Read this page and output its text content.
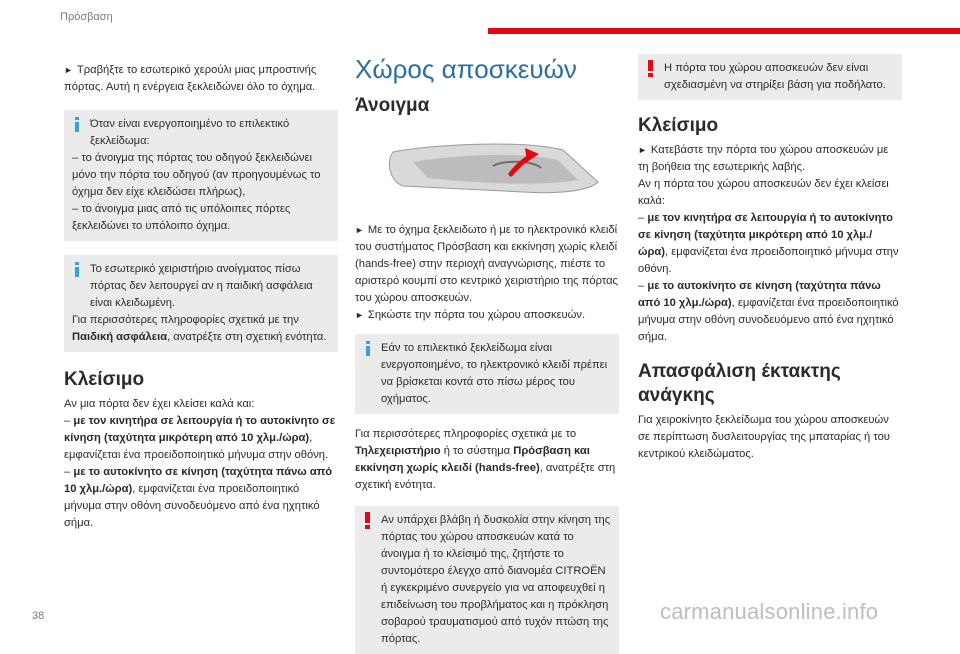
Πρόσβαση

► Τραβήξτε το εσωτερικό χερούλι μιας μπροστινής πόρτας. Αυτή η ενέργεια ξεκλειδώνει όλο το όχημα.

Όταν είναι ενεργοποιημένο το επιλεκτικό ξεκλείδωμα:

– το άνοιγμα της πόρτας του οδηγού ξεκλειδώνει μόνο την πόρτα του οδηγού (αν προηγουμένως το όχημα δεν είχε κλειδώσει πλήρως),

– το άνοιγμα μιας από τις υπόλοιπες πόρτες ξεκλειδώνει το υπόλοιπο όχημα.

Το εσωτερικό χειριστήριο ανοίγματος πίσω πόρτας δεν λειτουργεί αν η παιδική ασφάλεια είναι κλειδωμένη.

Για περισσότερες πληροφορίες σχετικά με την Παιδική ασφάλεια, ανατρέξτε στη σχετική ενότητα.

Κλείσιμο

Αν μια πόρτα δεν έχει κλείσει καλά και:

– με τον κινητήρα σε λειτουργία ή το αυτοκίνητο σε κίνηση (ταχύτητα μικρότερη από 10 χλμ./ώρα), εμφανίζεται ένα προειδοποιητικό μήνυμα στην οθόνη.

– με το αυτοκίνητο σε κίνηση (ταχύτητα πάνω από 10 χλμ./ώρα), εμφανίζεται ένα προειδοποιητικό μήνυμα στην οθόνη συνοδευόμενο από ένα ηχητικό σήμα.

Χώρος αποσκευών
Άνοιγμα

► Με το όχημα ξεκλειδωτο ή με το ηλεκτρονικό κλειδί του συστήματος Πρόσβαση και εκκίνηση χωρίς κλειδί (hands-free) στην περιοχή αναγνώρισης, πιέστε το αριστερό κουμπί στο κεντρικό χειριστήριο της πόρτας του χώρου αποσκευών.

► Σηκώστε την πόρτα του χώρου αποσκευών.

Εάν το επιλεκτικό ξεκλείδωμα είναι ενεργοποιημένο, το ηλεκτρονικό κλειδί πρέπει να βρίσκεται κοντά στο πίσω μέρος του οχήματος.

Για περισσότερες πληροφορίες σχετικά με το Τηλεχειριστήριο ή το σύστημα Πρόσβαση και εκκίνηση χωρίς κλειδί (hands-free), ανατρέξτε στη σχετική ενότητα.

Αν υπάρχει βλάβη ή δυσκολία στην κίνηση της πόρτας του χώρου αποσκευών κατά το άνοιγμα ή το κλείσιμό της, ζητήστε το συντομότερο έλεγχο από διανομέα CITROËN ή εγκεκριμένο συνεργείο για να αποφευχθεί η επιδείνωση του προβλήματος και η πρόκληση σοβαρού τραυματισμού από τυχόν πτώση της πόρτας.

Η πόρτα του χώρου αποσκευών δεν είναι σχεδιασμένη να στηρίξει βάση για ποδήλατο.

Κλείσιμο

► Κατεβάστε την πόρτα του χώρου αποσκευών με τη βοήθεια της εσωτερικής λαβής.

Αν η πόρτα του χώρου αποσκευών δεν έχει κλείσει καλά:

– με τον κινητήρα σε λειτουργία ή το αυτοκίνητο σε κίνηση (ταχύτητα μικρότερη από 10 χλμ./ώρα), εμφανίζεται ένα προειδοποιητικό μήνυμα στην οθόνη.

– με το αυτοκίνητο σε κίνηση (ταχύτητα πάνω από 10 χλμ./ώρα), εμφανίζεται ένα προειδοποιητικό μήνυμα στην οθόνη συνοδευόμενο από ένα ηχητικό σήμα.

Απασφάλιση έκτακτης ανάγκης

Για χειροκίνητο ξεκλείδωμα του χώρου αποσκευών σε περίπτωση δυσλειτουργίας της μπαταρίας ή του κεντρικού κλειδώματος.

38	carmanualsonline.info
